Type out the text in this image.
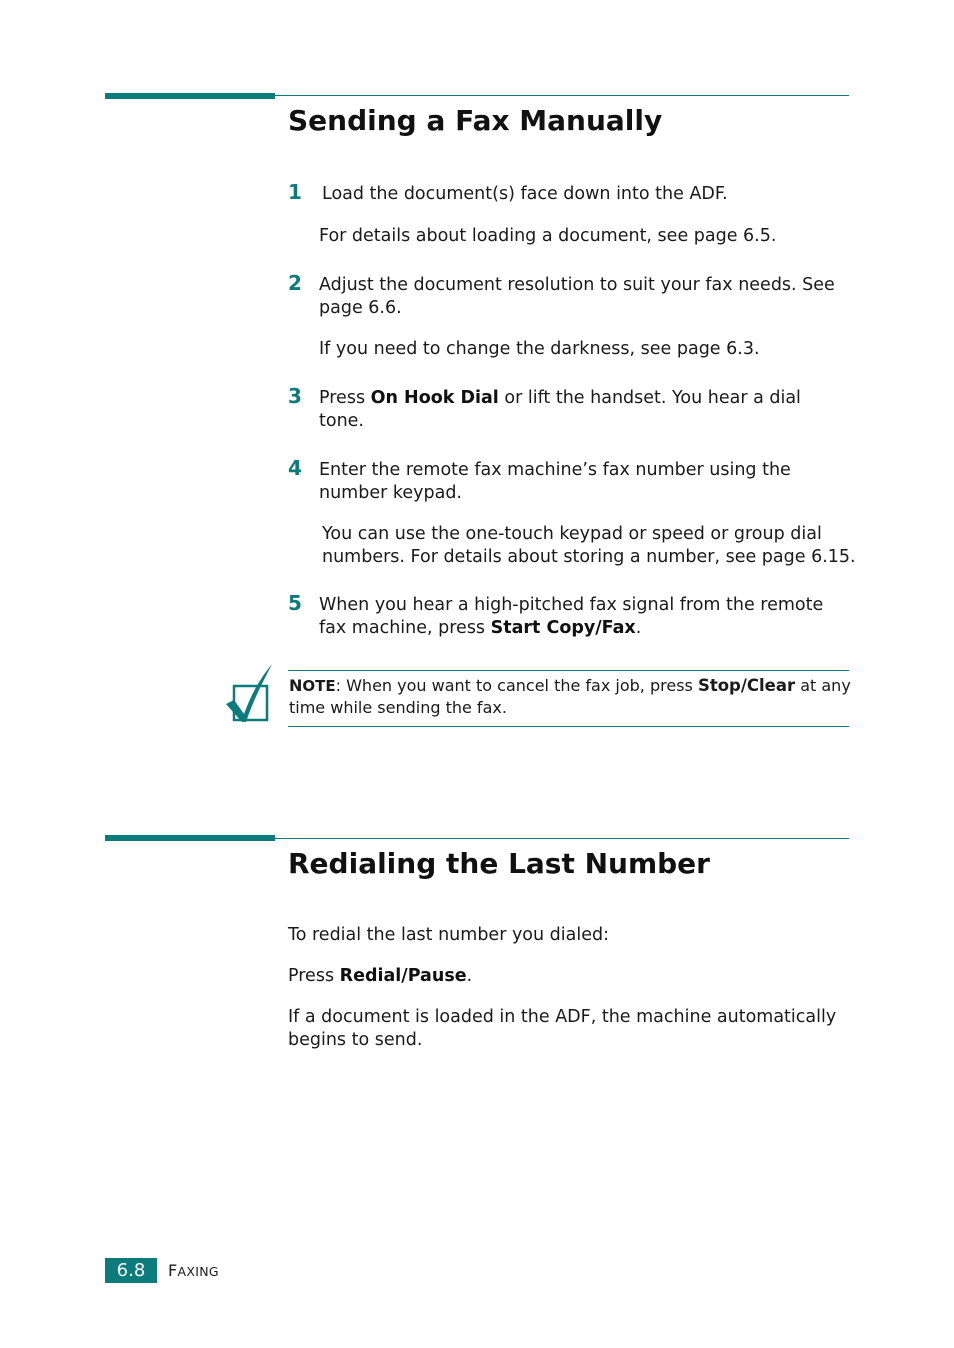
Sending a Fax Manually
1 Load the document(s) face down into the ADF.

For details about loading a document, see page 6.5.

2 Adjust the document resolution to suit your fax needs. See page 6.6.

If you need to change the darkness, see page 6.3.

3 Press On Hook Dial or lift the handset. You hear a dial tone.

4 Enter the remote fax machine’s fax number using the number keypad.

You can use the one-touch keypad or speed or group dial numbers. For details about storing a number, see page 6.15.

5 When you hear a high-pitched fax signal from the remote fax machine, press Start Copy/Fax.

NOTE: When you want to cancel the fax job, press Stop/Clear at any time while sending the fax.

Redialing the Last Number

To redial the last number you dialed:

Press Redial/Pause.

If a document is loaded in the ADF, the machine automatically begins to send.

6.8	FAXING
